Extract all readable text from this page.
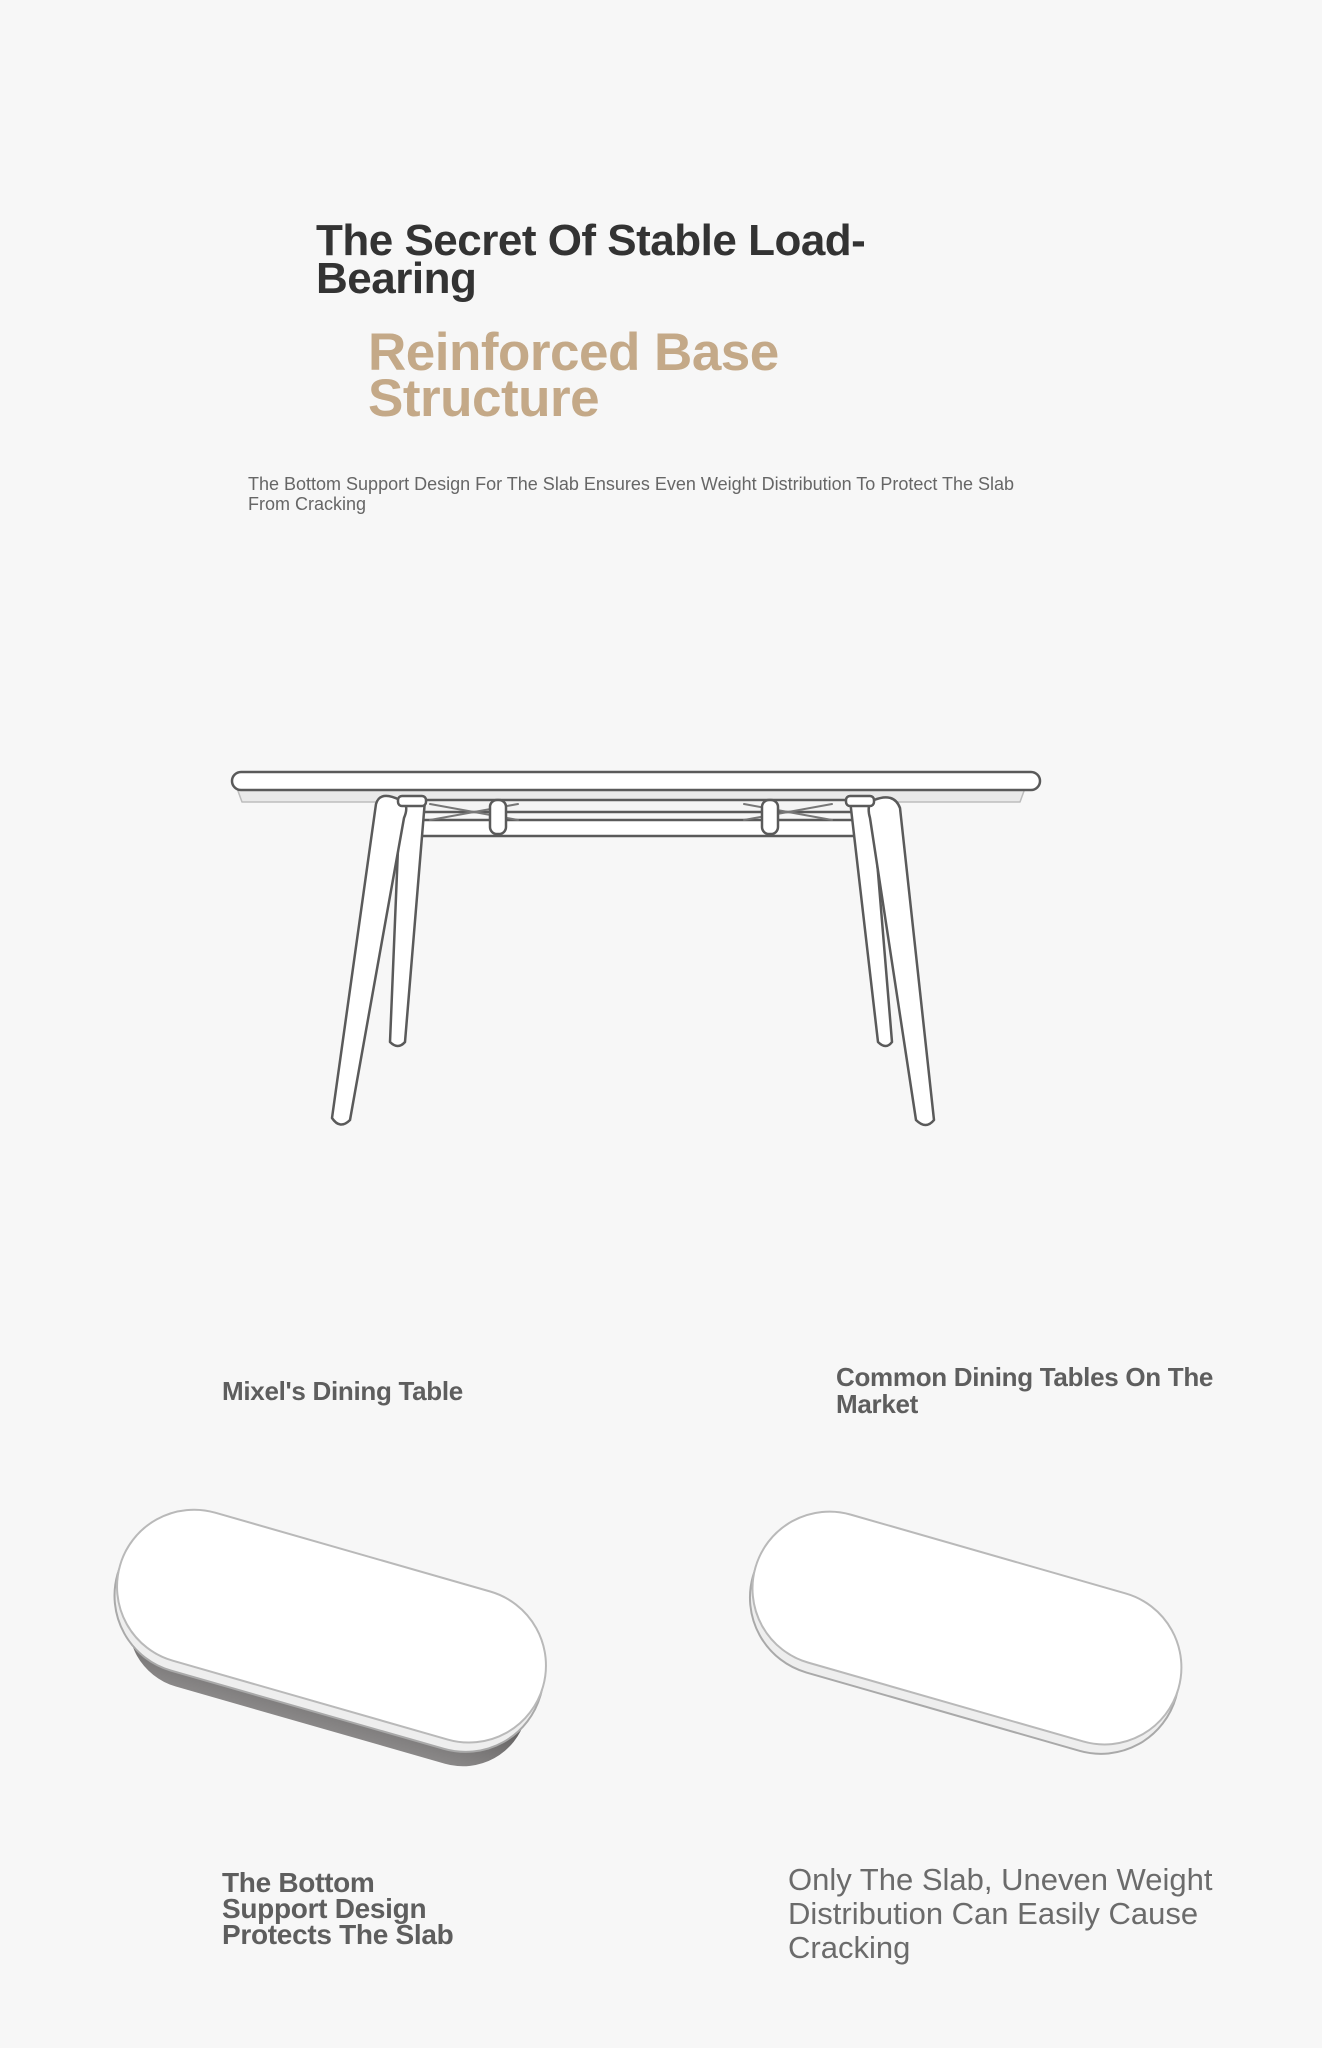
The Secret Of Stable Load-Bearing
Reinforced Base Structure

The Bottom Support Design For The Slab Ensures Even Weight Distribution To Protect The Slab From Cracking

Mixel's Dining Table	Common Dining Tables On The Market

The Bottom Support Design Protects The Slab

Only The Slab, Uneven Weight Distribution Can Easily Cause Cracking
